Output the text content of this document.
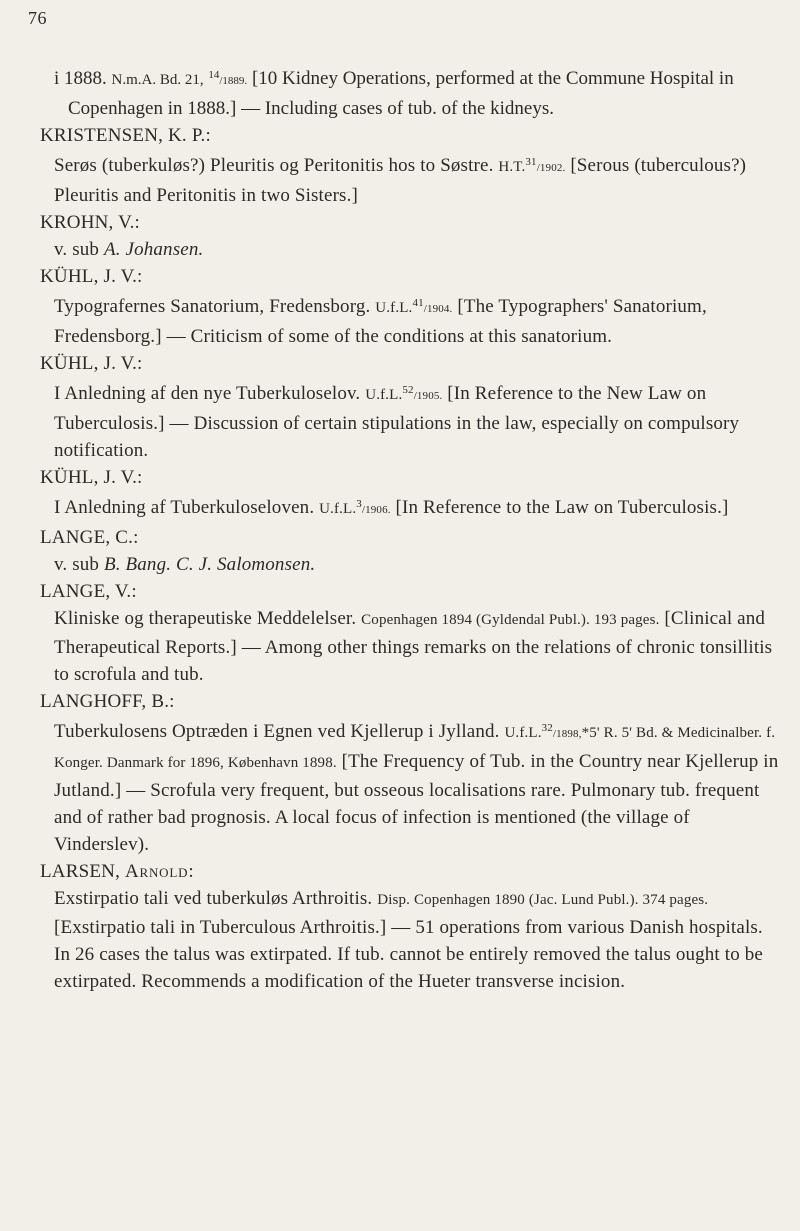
76

i 1888. N.m.A. Bd. 21, $^{14}$/1889. [10 Kidney Operations, performed at the Commune Hospital in Copenhagen in 1888.] — Including cases of tub. of the kidneys.

KRISTENSEN, K. P.:

Serøs (tuberkuløs?) Pleuritis og Peritonitis hos to Søstre. H.T.$^{31}$/1902. [Serous (tuberculous?) Pleuritis and Peritonitis in two Sisters.]

KROHN, V.:

v. sub A. Johansen.

KÜHL, J. V.:

Typografernes Sanatorium, Fredensborg. U.f.L.$^{41}$/1904. [The Typographers' Sanatorium, Fredensborg.] — Criticism of some of the conditions at this sanatorium.

KÜHL, J. V.:

I Anledning af den nye Tuberkuloselov. U.f.L.$^{52}$/1905. [In Reference to the New Law on Tuberculosis.] — Discussion of certain stipulations in the law, especially on compulsory notification.

KÜHL, J. V.:

I Anledning af Tuberkuloseloven. U.f.L.$^3$/1906. [In Reference to the Law on Tuberculosis.]

LANGE, C.:

v. sub B. Bang. C. J. Salomonsen.

LANGE, V.:

Kliniske og therapeutiske Meddelelser. Copenhagen 1894 (Gyldendal Publ.). 193 pages. [Clinical and Therapeutical Reports.] — Among other things remarks on the relations of chronic tonsillitis to scrofula and tub.

LANGHOFF, B.:

Tuberkulosens Optræden i Egnen ved Kjellerup i Jylland. U.f.L.$^{32}$/1898,*5' R. 5' Bd. & Medicinalber. f. Konger. Danmark for 1896, København 1898. [The Frequency of Tub. in the Country near Kjellerup in Jutland.] — Scrofula very frequent, but osseous localisations rare. Pulmonary tub. frequent and of rather bad prognosis. A local focus of infection is mentioned (the village of Vinderslev).

LARSEN, Arnold:

Exstirpatio tali ved tuberkuløs Arthroitis. Disp. Copenhagen 1890 (Jac. Lund Publ.). 374 pages. [Exstirpatio tali in Tuberculous Arthroitis.] — 51 operations from various Danish hospitals. In 26 cases the talus was extirpated. If tub. cannot be entirely removed the talus ought to be extirpated. Recommends a modification of the Hueter transverse incision.
